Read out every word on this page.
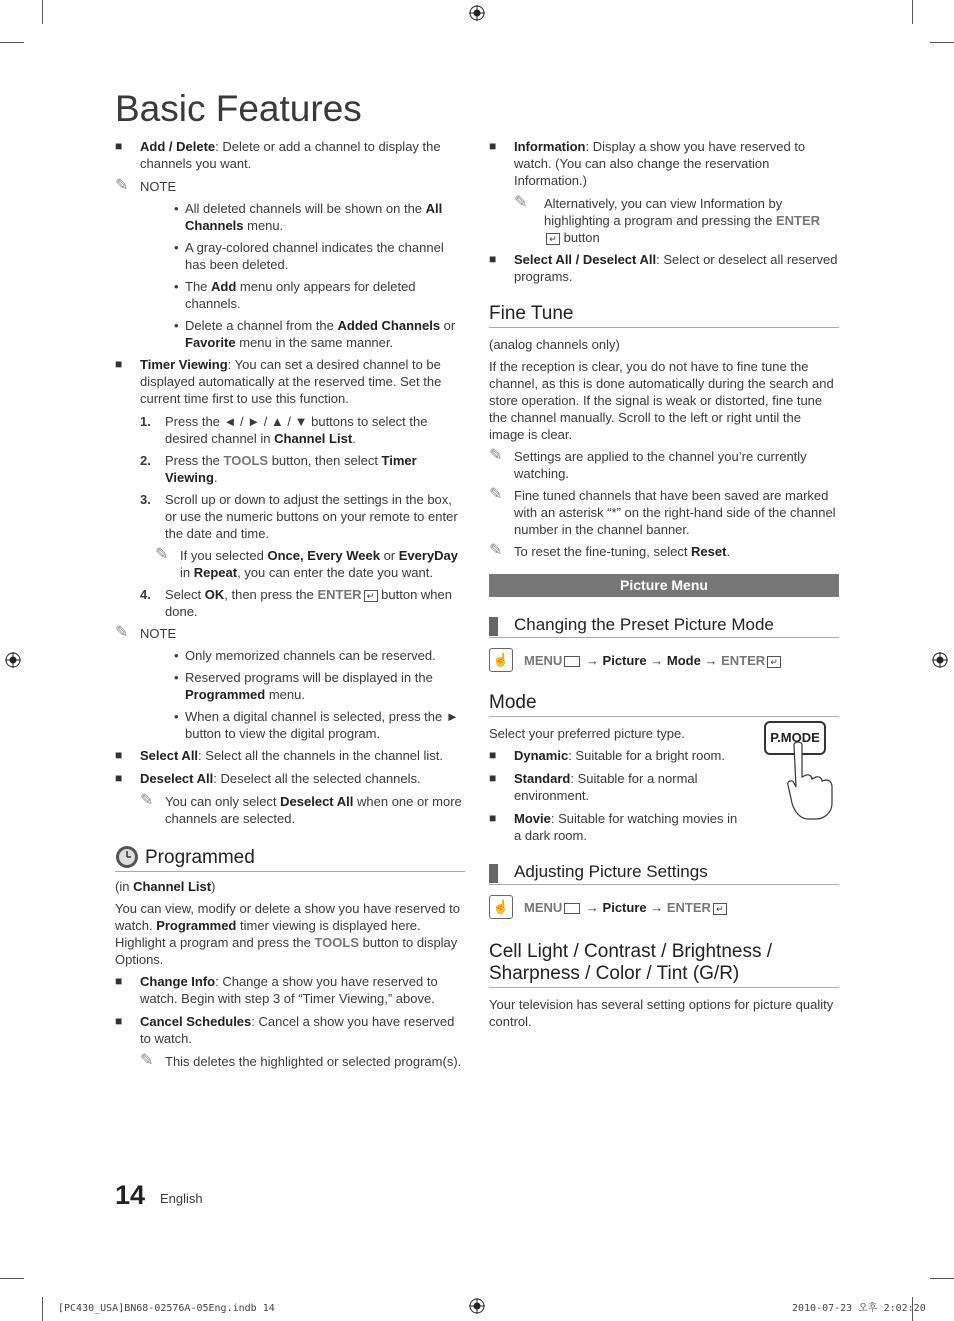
Basic Features
■ Add / Delete: Delete or add a channel to display the channels you want.
✎ NOTE
• All deleted channels will be shown on the All Channels menu.
• A gray-colored channel indicates the channel has been deleted.
• The Add menu only appears for deleted channels.
• Delete a channel from the Added Channels or Favorite menu in the same manner.
■ Timer Viewing: You can set a desired channel to be displayed automatically at the reserved time. Set the current time first to use this function.
1. Press the ◄ / ► / ▲ / ▼ buttons to select the desired channel in Channel List.
2. Press the TOOLS button, then select Timer Viewing.
3. Scroll up or down to adjust the settings in the box, or use the numeric buttons on your remote to enter the date and time.
✎ If you selected Once, Every Week or EveryDay in Repeat, you can enter the date you want.
4. Select OK, then press the ENTER ↵ button when done.
✎ NOTE
• Only memorized channels can be reserved.
• Reserved programs will be displayed in the Programmed menu.
• When a digital channel is selected, press the ► button to view the digital program.
■ Select All: Select all the channels in the channel list.
■ Deselect All: Deselect all the selected channels.
✎ You can only select Deselect All when one or more channels are selected.
Programmed

(in Channel List)

You can view, modify or delete a show you have reserved to watch. Programmed timer viewing is displayed here. Highlight a program and press the TOOLS button to display Options.

■ Change Info: Change a show you have reserved to watch. Begin with step 3 of “Timer Viewing,” above.
■ Cancel Schedules: Cancel a show you have reserved to watch.
✎ This deletes the highlighted or selected program(s).
■ Information: Display a show you have reserved to watch. (You can also change the reservation Information.)
✎ Alternatively, you can view Information by highlighting a program and pressing the ENTER
↵ button
■ Select All / Deselect All: Select or deselect all reserved programs.
Fine Tune

(analog channels only)

If the reception is clear, you do not have to fine tune the channel, as this is done automatically during the search and store operation. If the signal is weak or distorted, fine tune the channel manually. Scroll to the left or right until the image is clear.

✎ Settings are applied to the channel you’re currently watching.
✎ Fine tuned channels that have been saved are marked with an asterisk “*” on the right-hand side of the channel number in the channel banner.
✎ To reset the fine-tuning, select Reset.
Picture Menu
Changing the Preset Picture Mode
☝	MENU → Picture → Mode → ENTER ↵
Mode

Select your preferred picture type.

■ Dynamic: Suitable for a bright room.
■ Standard: Suitable for a normal environment.
■ Movie: Suitable for watching movies in a dark room.
P.MODE
Adjusting Picture Settings
☝	MENU → Picture → ENTER ↵
Cell Light / Contrast / Brightness / Sharpness / Color / Tint (G/R)

Your television has several setting options for picture quality control.

14 English
[PC430_USA]BN68-02576A-05Eng.indb 14	2010-07-23 오후 2:02:20
